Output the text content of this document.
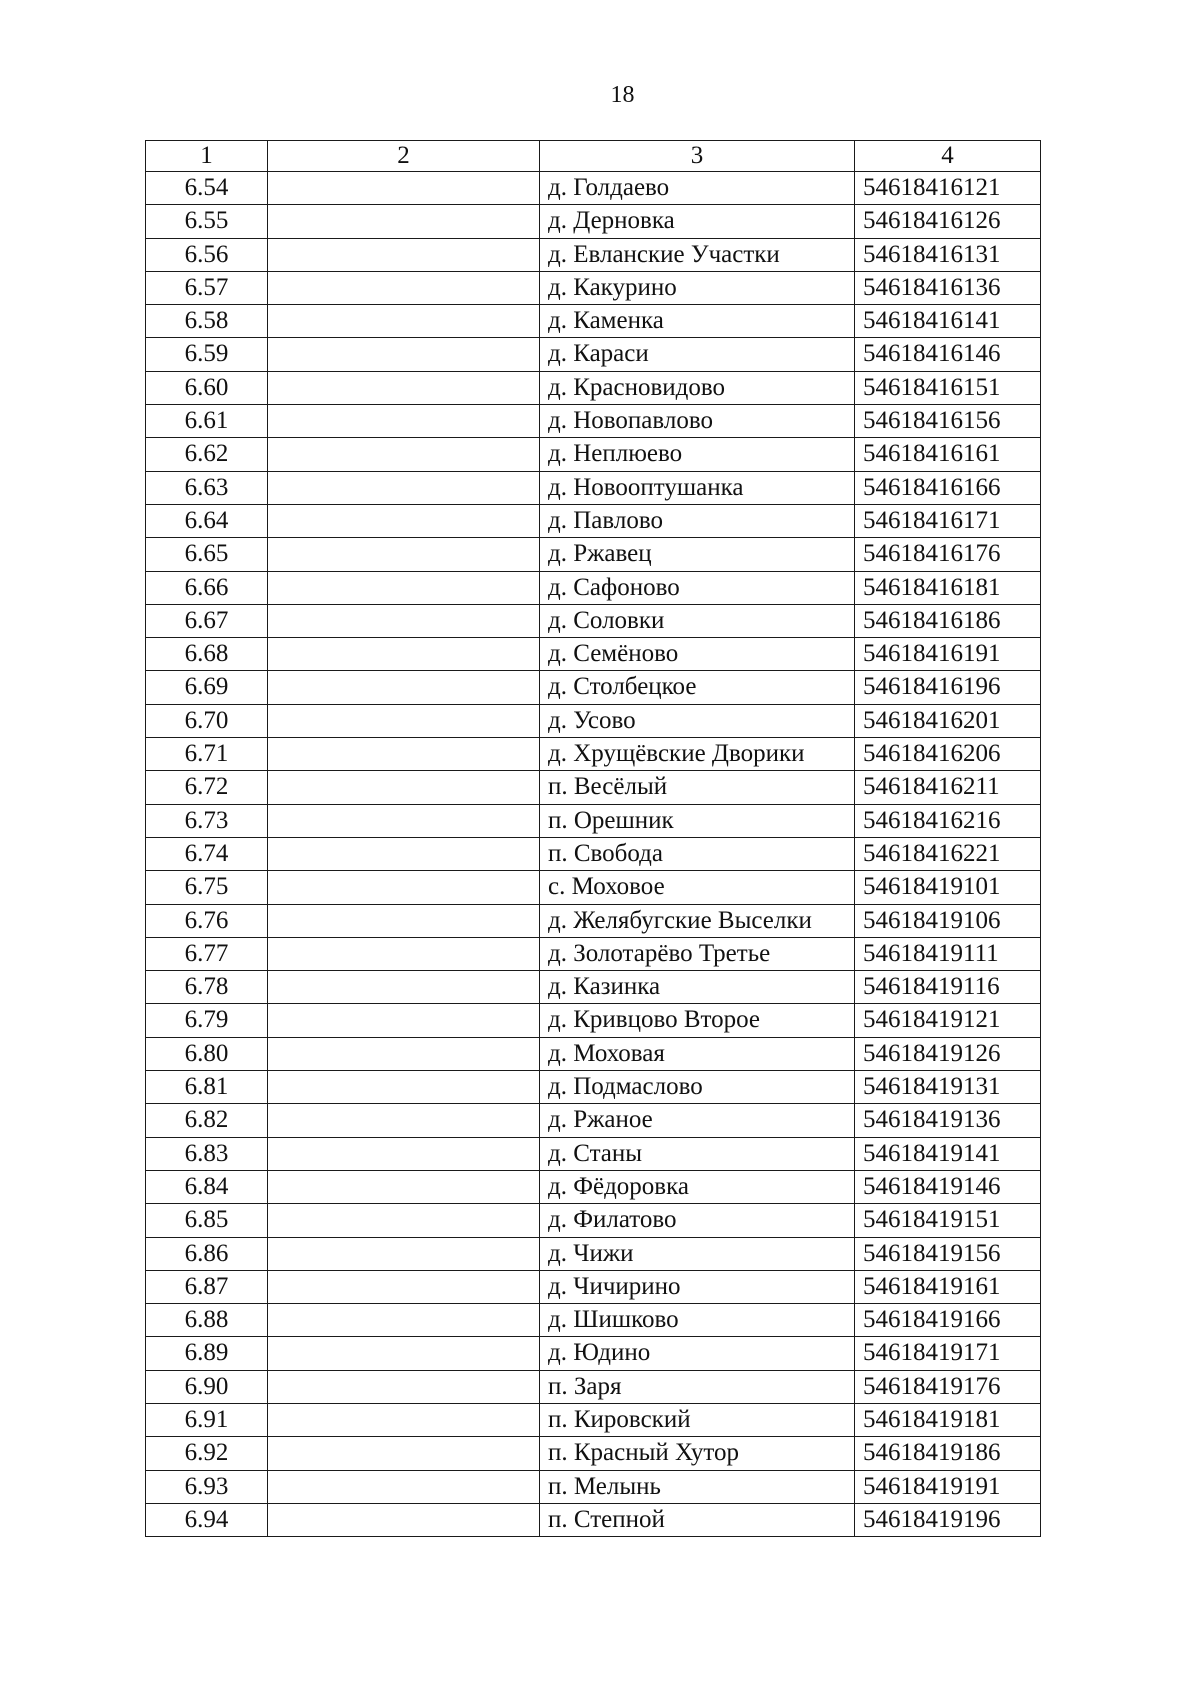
18
1	2	3	4
6.54		д. Голдаево	54618416121
6.55		д. Дерновка	54618416126
6.56		д. Евланские Участки	54618416131
6.57		д. Какурино	54618416136
6.58		д. Каменка	54618416141
6.59		д. Караси	54618416146
6.60		д. Красновидово	54618416151
6.61		д. Новопавлово	54618416156
6.62		д. Неплюево	54618416161
6.63		д. Новооптушанка	54618416166
6.64		д. Павлово	54618416171
6.65		д. Ржавец	54618416176
6.66		д. Сафоново	54618416181
6.67		д. Соловки	54618416186
6.68		д. Семёново	54618416191
6.69		д. Столбецкое	54618416196
6.70		д. Усово	54618416201
6.71		д. Хрущёвские Дворики	54618416206
6.72		п. Весёлый	54618416211
6.73		п. Орешник	54618416216
6.74		п. Свобода	54618416221
6.75		с. Моховое	54618419101
6.76		д. Желябугские Выселки	54618419106
6.77		д. Золотарёво Третье	54618419111
6.78		д. Казинка	54618419116
6.79		д. Кривцово Второе	54618419121
6.80		д. Моховая	54618419126
6.81		д. Подмаслово	54618419131
6.82		д. Ржаное	54618419136
6.83		д. Станы	54618419141
6.84		д. Фёдоровка	54618419146
6.85		д. Филатово	54618419151
6.86		д. Чижи	54618419156
6.87		д. Чичирино	54618419161
6.88		д. Шишково	54618419166
6.89		д. Юдино	54618419171
6.90		п. Заря	54618419176
6.91		п. Кировский	54618419181
6.92		п. Красный Хутор	54618419186
6.93		п. Мелынь	54618419191
6.94		п. Степной	54618419196
